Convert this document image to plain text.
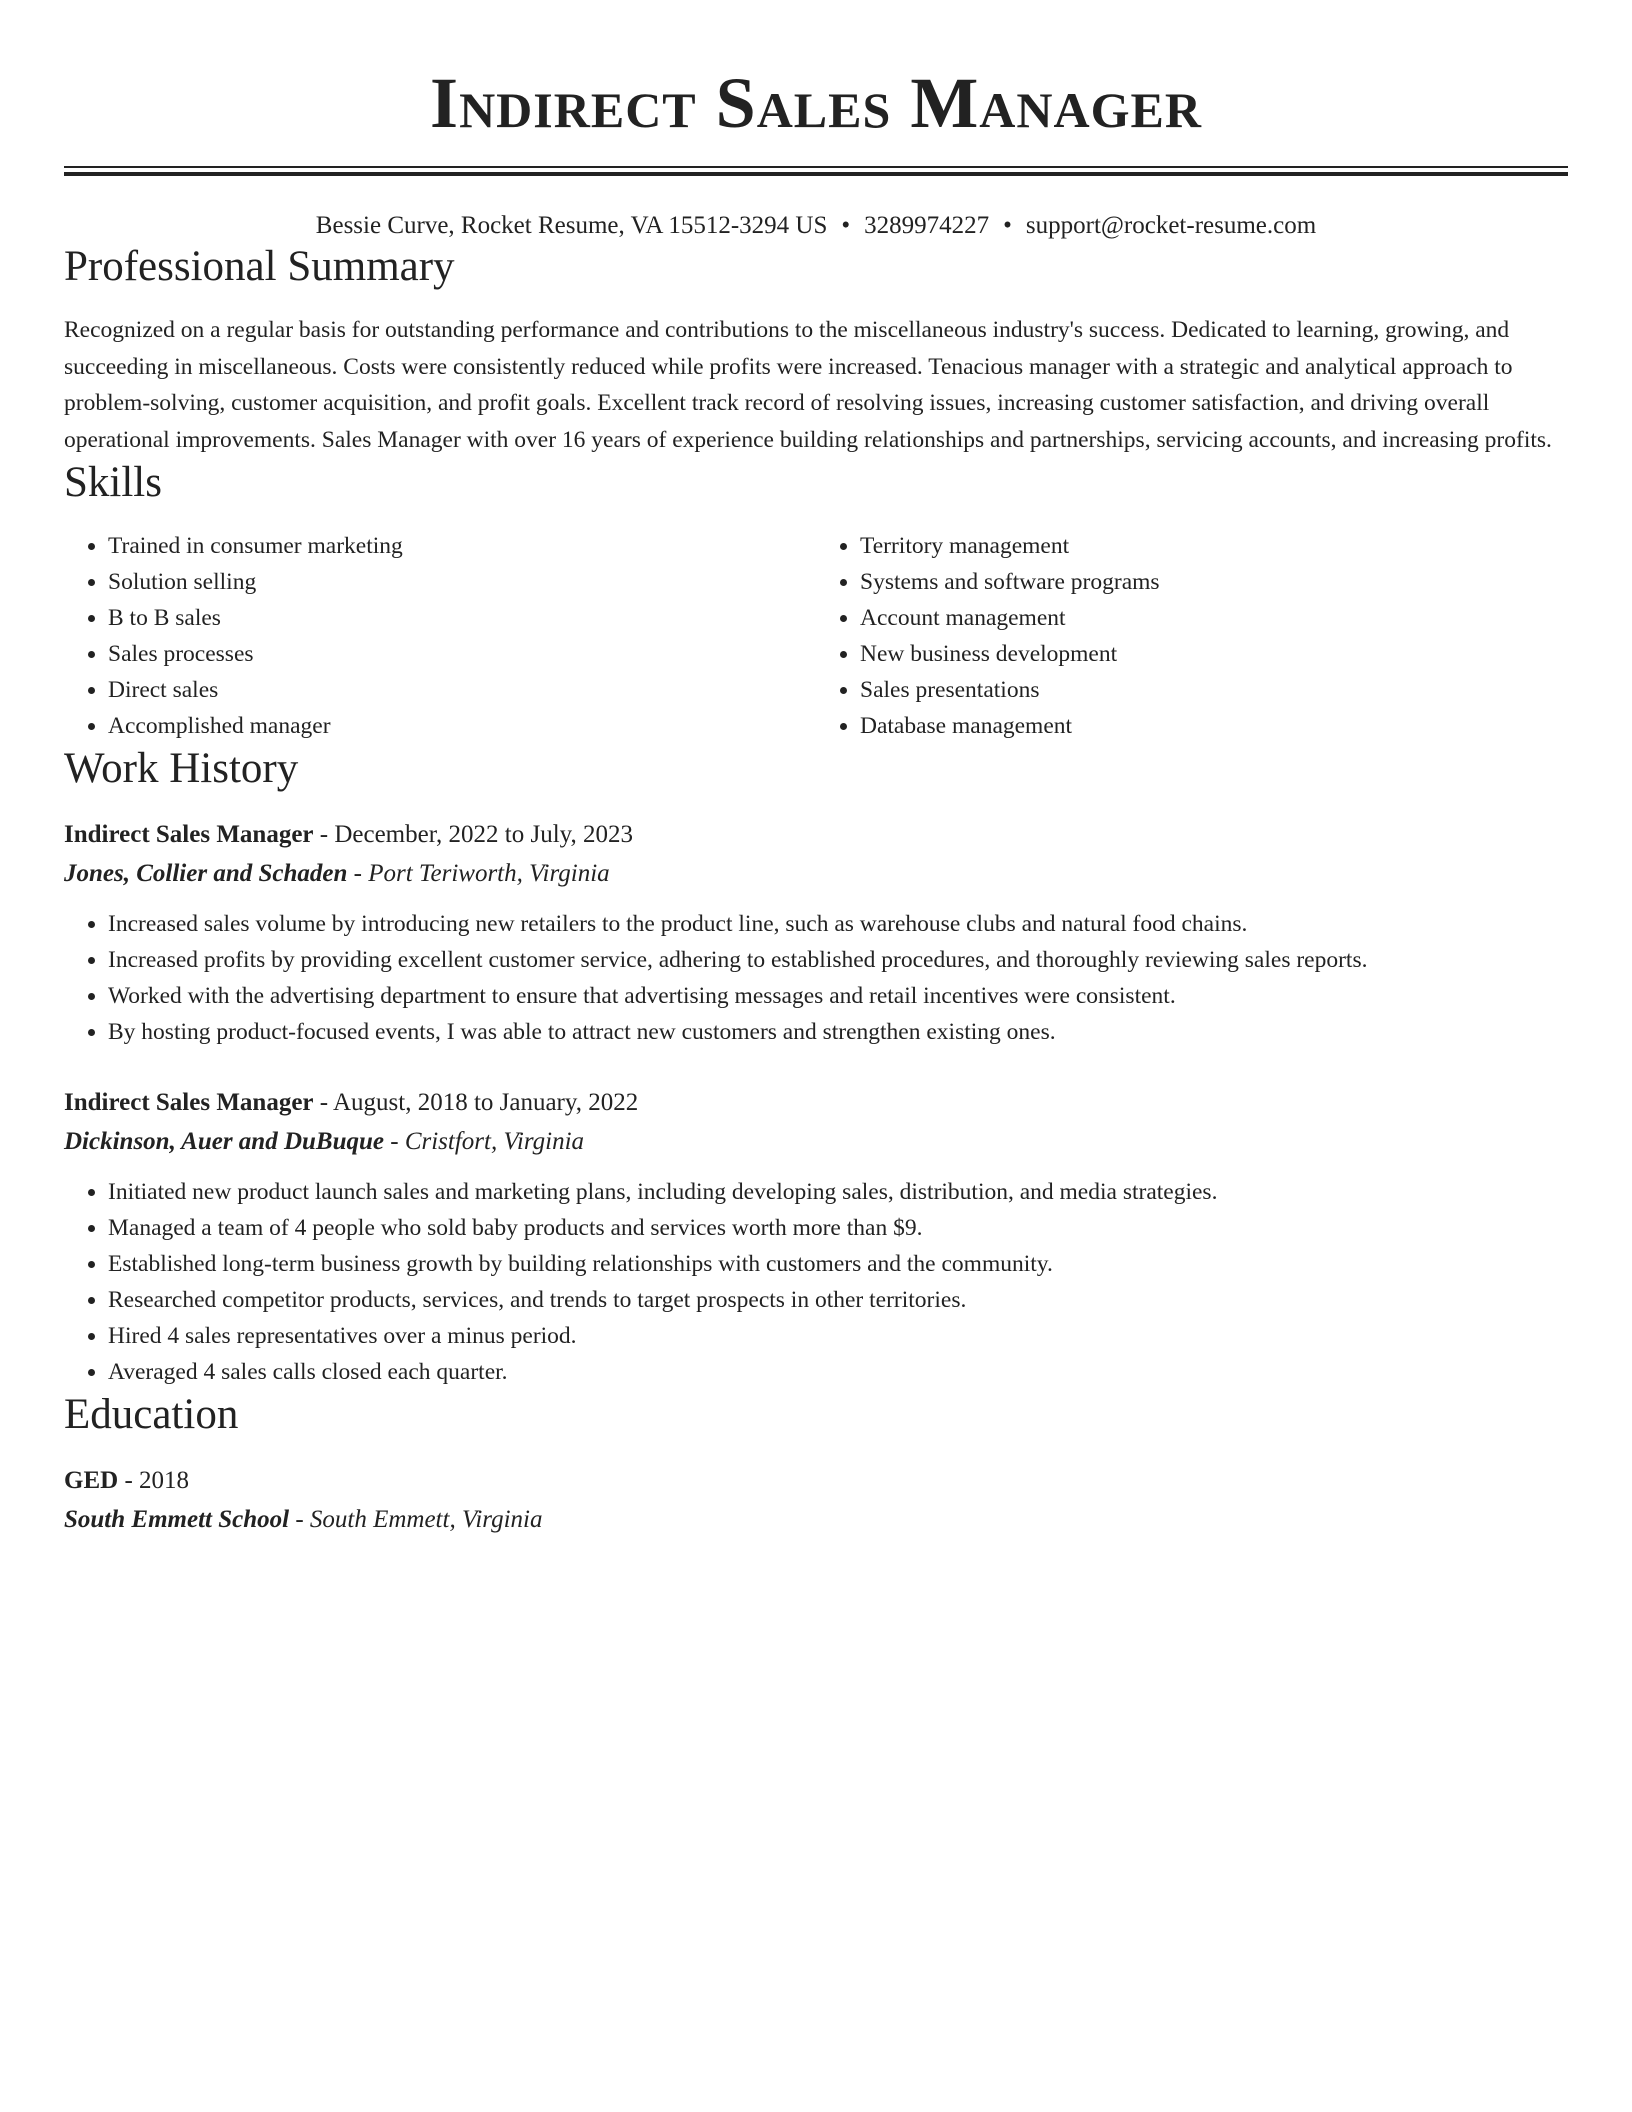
Indirect Sales Manager
Bessie Curve, Rocket Resume, VA 15512-3294 US • 3289974227 • support@rocket-resume.com
Professional Summary

Recognized on a regular basis for outstanding performance and contributions to the miscellaneous industry's success. Dedicated to learning, growing, and succeeding in miscellaneous. Costs were consistently reduced while profits were increased. Tenacious manager with a strategic and analytical approach to problem-solving, customer acquisition, and profit goals. Excellent track record of resolving issues, increasing customer satisfaction, and driving overall operational improvements. Sales Manager with over 16 years of experience building relationships and partnerships, servicing accounts, and increasing profits.

Skills
• Trained in consumer marketing
• Solution selling
• B to B sales
• Sales processes
• Direct sales
• Accomplished manager
• Territory management
• Systems and software programs
• Account management
• New business development
• Sales presentations
• Database management
Work History
Indirect Sales Manager - December, 2022 to July, 2023
Jones, Collier and Schaden - Port Teriworth, Virginia
• Increased sales volume by introducing new retailers to the product line, such as warehouse clubs and natural food chains.
• Increased profits by providing excellent customer service, adhering to established procedures, and thoroughly reviewing sales reports.
• Worked with the advertising department to ensure that advertising messages and retail incentives were consistent.
• By hosting product-focused events, I was able to attract new customers and strengthen existing ones.
Indirect Sales Manager - August, 2018 to January, 2022
Dickinson, Auer and DuBuque - Cristfort, Virginia
• Initiated new product launch sales and marketing plans, including developing sales, distribution, and media strategies.
• Managed a team of 4 people who sold baby products and services worth more than $9.
• Established long-term business growth by building relationships with customers and the community.
• Researched competitor products, services, and trends to target prospects in other territories.
• Hired 4 sales representatives over a minus period.
• Averaged 4 sales calls closed each quarter.
Education
GED - 2018
South Emmett School - South Emmett, Virginia
